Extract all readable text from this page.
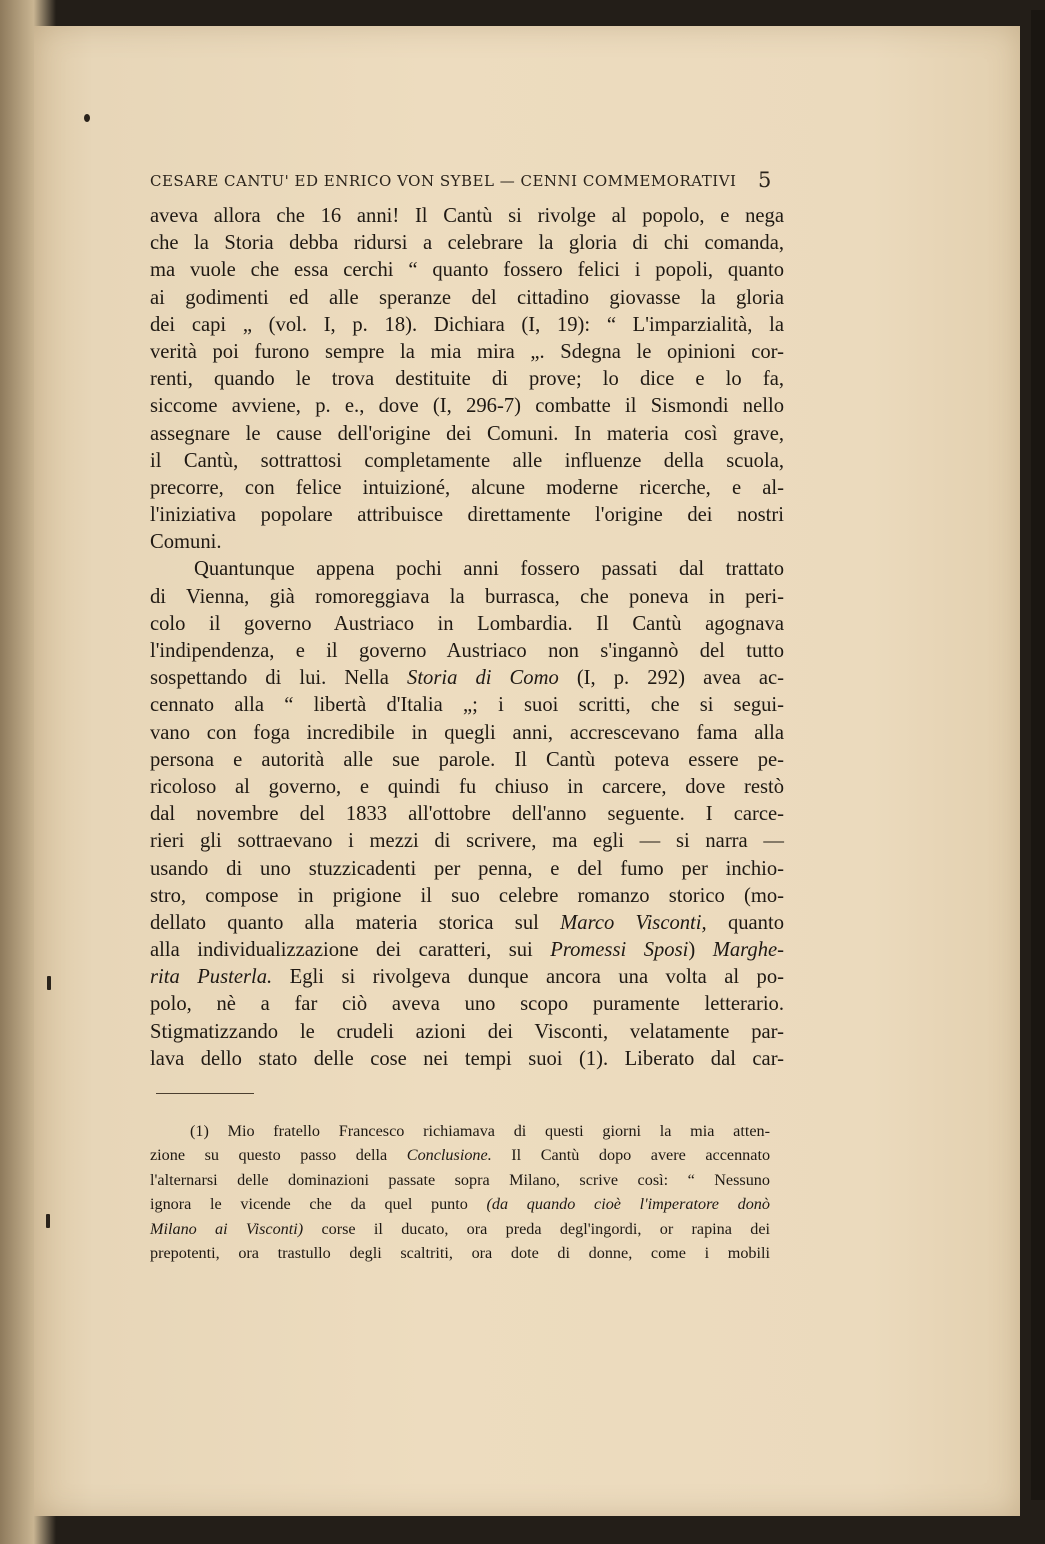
CESARE CANTU' ED ENRICO VON SYBEL — CENNI COMMEMORATIVI 5
aveva allora che 16 anni! Il Cantù si rivolge al popolo, e nega
che la Storia debba ridursi a celebrare la gloria di chi comanda,
ma vuole che essa cerchi “ quanto fossero felici i popoli, quanto
ai godimenti ed alle speranze del cittadino giovasse la gloria
dei capi „ (vol. I, p. 18). Dichiara (I, 19): “ L'imparzialità, la
verità poi furono sempre la mia mira „. Sdegna le opinioni cor-
renti, quando le trova destituite di prove; lo dice e lo fa,
siccome avviene, p. e., dove (I, 296-7) combatte il Sismondi nello
assegnare le cause dell'origine dei Comuni. In materia così grave,
il Cantù, sottrattosi completamente alle influenze della scuola,
precorre, con felice intuizioné, alcune moderne ricerche, e al-
l'iniziativa popolare attribuisce direttamente l'origine dei nostri
Comuni.
Quantunque appena pochi anni fossero passati dal trattato
di Vienna, già romoreggiava la burrasca, che poneva in peri-
colo il governo Austriaco in Lombardia. Il Cantù agognava
l'indipendenza, e il governo Austriaco non s'ingannò del tutto
sospettando di lui. Nella Storia di Como (I, p. 292) avea ac-
cennato alla “ libertà d'Italia „; i suoi scritti, che si segui-
vano con foga incredibile in quegli anni, accrescevano fama alla
persona e autorità alle sue parole. Il Cantù poteva essere pe-
ricoloso al governo, e quindi fu chiuso in carcere, dove restò
dal novembre del 1833 all'ottobre dell'anno seguente. I carce-
rieri gli sottraevano i mezzi di scrivere, ma egli — si narra —
usando di uno stuzzicadenti per penna, e del fumo per inchio-
stro, compose in prigione il suo celebre romanzo storico (mo-
dellato quanto alla materia storica sul Marco Visconti, quanto
alla individualizzazione dei caratteri, sui Promessi Sposi) Marghe-
rita Pusterla. Egli si rivolgeva dunque ancora una volta al po-
polo, nè a far ciò aveva uno scopo puramente letterario.
Stigmatizzando le crudeli azioni dei Visconti, velatamente par-
lava dello stato delle cose nei tempi suoi (1). Liberato dal car-
(1) Mio fratello Francesco richiamava di questi giorni la mia atten-
zione su questo passo della Conclusione. Il Cantù dopo avere accennato
l'alternarsi delle dominazioni passate sopra Milano, scrive così: “ Nessuno
ignora le vicende che da quel punto (da quando cioè l'imperatore donò
Milano ai Visconti) corse il ducato, ora preda degl'ingordi, or rapina dei
prepotenti, ora trastullo degli scaltriti, ora dote di donne, come i mobili
